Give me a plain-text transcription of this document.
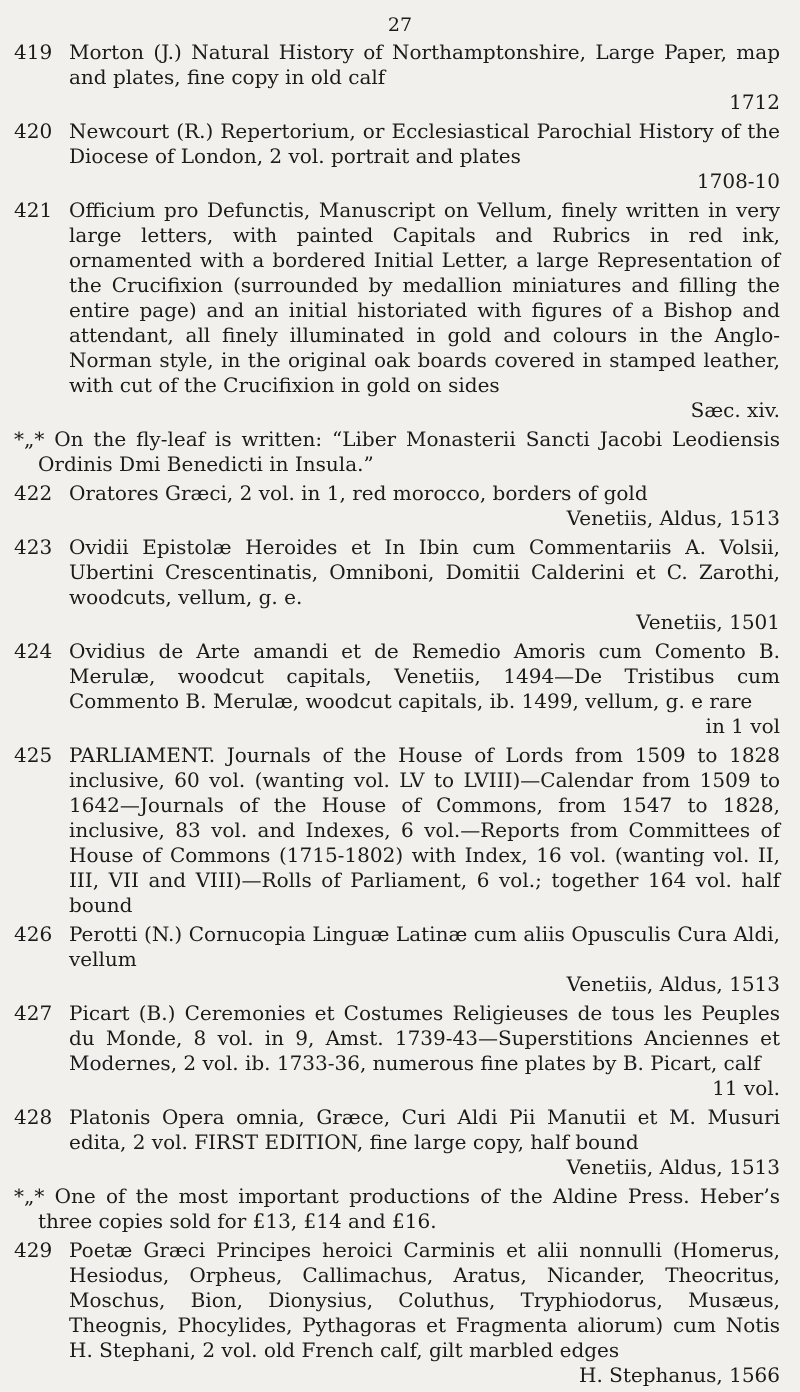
27
419 Morton (J.) Natural History of Northamptonshire, Large Paper, map and plates, fine copy in old calf
1712
420 Newcourt (R.) Repertorium, or Ecclesiastical Parochial History of the Diocese of London, 2 vol. portrait and plates
1708-10
421 Officium pro Defunctis, Manuscript on Vellum, finely written in very large letters, with painted Capitals and Rubrics in red ink, ornamented with a bordered Initial Letter, a large Representation of the Crucifixion (surrounded by medallion miniatures and filling the entire page) and an initial historiated with figures of a Bishop and attendant, all finely illuminated in gold and colours in the Anglo-Norman style, in the original oak boards covered in stamped leather, with cut of the Crucifixion in gold on sides
Sæc. xiv.
*„* On the fly-leaf is written: “Liber Monasterii Sancti Jacobi Leodiensis Ordinis Dmi Benedicti in Insula.”
422 Oratores Græci, 2 vol. in 1, red morocco, borders of gold
Venetiis, Aldus, 1513
423 Ovidii Epistolæ Heroides et In Ibin cum Commentariis A. Volsii, Ubertini Crescentinatis, Omniboni, Domitii Calderini et C. Zarothi, woodcuts, vellum, g. e.
Venetiis, 1501
424 Ovidius de Arte amandi et de Remedio Amoris cum Comento B. Merulæ, woodcut capitals, Venetiis, 1494—De Tristibus cum Commento B. Merulæ, woodcut capitals, ib. 1499, vellum, g. e rare
in 1 vol
425 PARLIAMENT. Journals of the House of Lords from 1509 to 1828 inclusive, 60 vol. (wanting vol. LV to LVIII)—Calendar from 1509 to 1642—Journals of the House of Commons, from 1547 to 1828, inclusive, 83 vol. and Indexes, 6 vol.—Reports from Committees of House of Commons (1715-1802) with Index, 16 vol. (wanting vol. II, III, VII and VIII)—Rolls of Parliament, 6 vol.; together 164 vol. half bound
426 Perotti (N.) Cornucopia Linguæ Latinæ cum aliis Opusculis Cura Aldi, vellum
Venetiis, Aldus, 1513
427 Picart (B.) Ceremonies et Costumes Religieuses de tous les Peuples du Monde, 8 vol. in 9, Amst. 1739-43—Superstitions Anciennes et Modernes, 2 vol. ib. 1733-36, numerous fine plates by B. Picart, calf
11 vol.
428 Platonis Opera omnia, Græce, Curi Aldi Pii Manutii et M. Musuri edita, 2 vol. FIRST EDITION, fine large copy, half bound
Venetiis, Aldus, 1513
*„* One of the most important productions of the Aldine Press. Heber’s three copies sold for £13, £14 and £16.
429 Poetæ Græci Principes heroici Carminis et alii nonnulli (Homerus, Hesiodus, Orpheus, Callimachus, Aratus, Nicander, Theocritus, Moschus, Bion, Dionysius, Coluthus, Tryphiodorus, Musæus, Theognis, Phocylides, Pythagoras et Fragmenta aliorum) cum Notis H. Stephani, 2 vol. old French calf, gilt marbled edges
H. Stephanus, 1566
